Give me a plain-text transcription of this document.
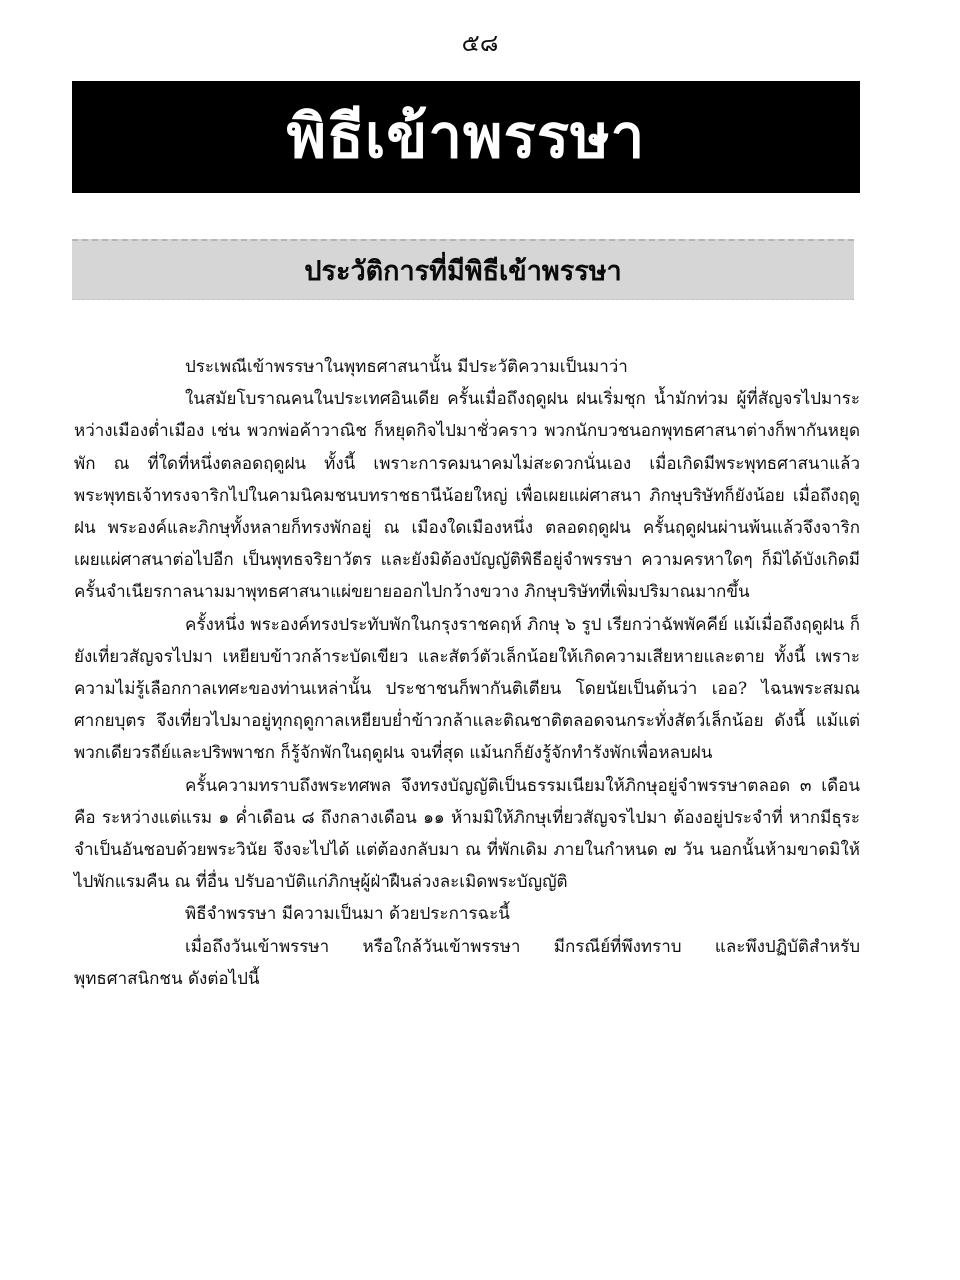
๕๘
พิธีเข้าพรรษา
ประวัติการที่มีพิธีเข้าพรรษา

ประเพณีเข้าพรรษาในพุทธศาสนานั้น มีประวัติความเป็นมาว่า

ในสมัยโบราณคนในประเทศอินเดีย ครั้นเมื่อถึงฤดูฝน ฝนเริ่มชุก น้ำมักท่วม ผู้ที่สัญจรไปมาระหว่างเมืองต่ำเมือง เช่น พวกพ่อค้าวาณิช ก็หยุดกิจไปมาชั่วคราว พวกนักบวชนอกพุทธศาสนาต่างก็พากันหยุดพัก ณ ที่ใดที่หนึ่งตลอดฤดูฝน ทั้งนี้ เพราะการคมนาคมไม่สะดวกนั่นเอง เมื่อเกิดมีพระพุทธศาสนาแล้ว พระพุทธเจ้าทรงจาริกไปในคามนิคมชนบทราชธานีน้อยใหญ่ เพื่อเผยแผ่ศาสนา ภิกษุบริษัทก็ยังน้อย เมื่อถึงฤดูฝน พระองค์และภิกษุทั้งหลายก็ทรงพักอยู่ ณ เมืองใดเมืองหนึ่ง ตลอดฤดูฝน ครั้นฤดูฝนผ่านพ้นแล้วจึงจาริกเผยแผ่ศาสนาต่อไปอีก เป็นพุทธจริยาวัตร และยังมิต้องบัญญัติพิธีอยู่จำพรรษา ความครหาใดๆ ก็มิได้บังเกิดมี ครั้นจำเนียรกาลนามมาพุทธศาสนาแผ่ขยายออกไปกว้างขวาง ภิกษุบริษัทที่เพิ่มปริมาณมากขึ้น

ครั้งหนึ่ง พระองค์ทรงประทับพักในกรุงราชคฤห์ ภิกษุ ๖ รูป เรียกว่าฉัพพัคคีย์ แม้เมื่อถึงฤดูฝน ก็ยังเที่ยวสัญจรไปมา เหยียบข้าวกล้าระบัดเขียว และสัตว์ตัวเล็กน้อยให้เกิดความเสียหายและตาย ทั้งนี้ เพราะความไม่รู้เลือกกาลเทศะของท่านเหล่านั้น ประชาชนก็พากันติเตียน โดยนัยเป็นต้นว่า เออ? ไฉนพระสมณศากยบุตร จึงเที่ยวไปมาอยู่ทุกฤดูกาลเหยียบย่ำข้าวกล้าและติณชาติตลอดจนกระทั่งสัตว์เล็กน้อย ดังนี้ แม้แต่พวกเดียวรถีย์และปริพพาชก ก็รู้จักพักในฤดูฝน จนที่สุด แม้นกก็ยังรู้จักทำรังพักเพื่อหลบฝน

ครั้นความทราบถึงพระทศพล จึงทรงบัญญัติเป็นธรรมเนียมให้ภิกษุอยู่จำพรรษาตลอด ๓ เดือน คือ ระหว่างแต่แรม ๑ ค่ำเดือน ๘ ถึงกลางเดือน ๑๑ ห้ามมิให้ภิกษุเที่ยวสัญจรไปมา ต้องอยู่ประจำที่ หากมีธุระจำเป็นอันชอบด้วยพระวินัย จึงจะไปได้ แต่ต้องกลับมา ณ ที่พักเดิม ภายในกำหนด ๗ วัน นอกนั้นห้ามขาดมิให้ไปพักแรมคืน ณ ที่อื่น ปรับอาบัติแก่ภิกษุผู้ฝ่าฝืนล่วงละเมิดพระบัญญัติ

พิธีจำพรรษา มีความเป็นมา ด้วยประการฉะนี้

เมื่อถึงวันเข้าพรรษา หรือใกล้วันเข้าพรรษา มีกรณีย์ที่พึงทราบ และพึงปฏิบัติสำหรับพุทธศาสนิกชน ดังต่อไปนี้
